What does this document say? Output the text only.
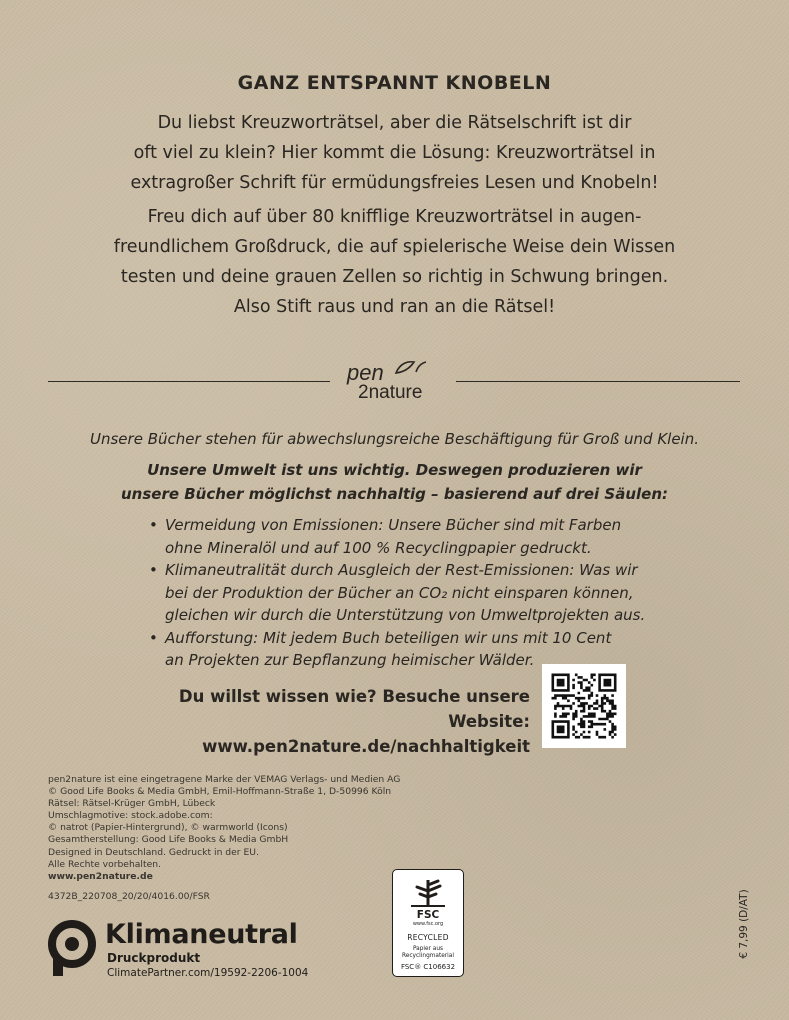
GANZ ENTSPANNT KNOBELN
Du liebst Kreuzworträtsel, aber die Rätselschrift ist dir
oft viel zu klein? Hier kommt die Lösung: Kreuzworträtsel in
extragroßer Schrift für ermüdungsfreies Lesen und Knobeln!
Freu dich auf über 80 knifflige Kreuzworträtsel in augen-
freundlichem Großdruck, die auf spielerische Weise dein Wissen
testen und deine grauen Zellen so richtig in Schwung bringen.
Also Stift raus und ran an die Rätsel!
pen
2nature
Unsere Bücher stehen für abwechslungsreiche Beschäftigung für Groß und Klein.
Unsere Umwelt ist uns wichtig. Deswegen produzieren wir
unsere Bücher möglichst nachhaltig – basierend auf drei Säulen:
• Vermeidung von Emissionen: Unsere Bücher sind mit Farben
ohne Mineralöl und auf 100 % Recyclingpapier gedruckt.
• Klimaneutralität durch Ausgleich der Rest-Emissionen: Was wir
bei der Produktion der Bücher an CO₂ nicht einsparen können,
gleichen wir durch die Unterstützung von Umweltprojekten aus.
• Aufforstung: Mit jedem Buch beteiligen wir uns mit 10 Cent
an Projekten zur Bepflanzung heimischer Wälder.
Du willst wissen wie? Besuche unsere Website:
www.pen2nature.de/nachhaltigkeit
pen2nature ist eine eingetragene Marke der VEMAG Verlags- und Medien AG
© Good Life Books & Media GmbH, Emil-Hoffmann-Straße 1, D-50996 Köln
Rätsel: Rätsel-Krüger GmbH, Lübeck
Umschlagmotive: stock.adobe.com:
© natrot (Papier-Hintergrund), © warmworld (Icons)
Gesamtherstellung: Good Life Books & Media GmbH
Designed in Deutschland. Gedruckt in der EU.
Alle Rechte vorbehalten.
www.pen2nature.de
4372B_220708_20/20/4016.00/FSR
Klimaneutral
Druckprodukt
ClimatePartner.com/19592-2206-1004
FSC
www.fsc.org
RECYCLED
Papier aus
Recyclingmaterial
FSC® C106632
€ 7,99 (D/AT)
